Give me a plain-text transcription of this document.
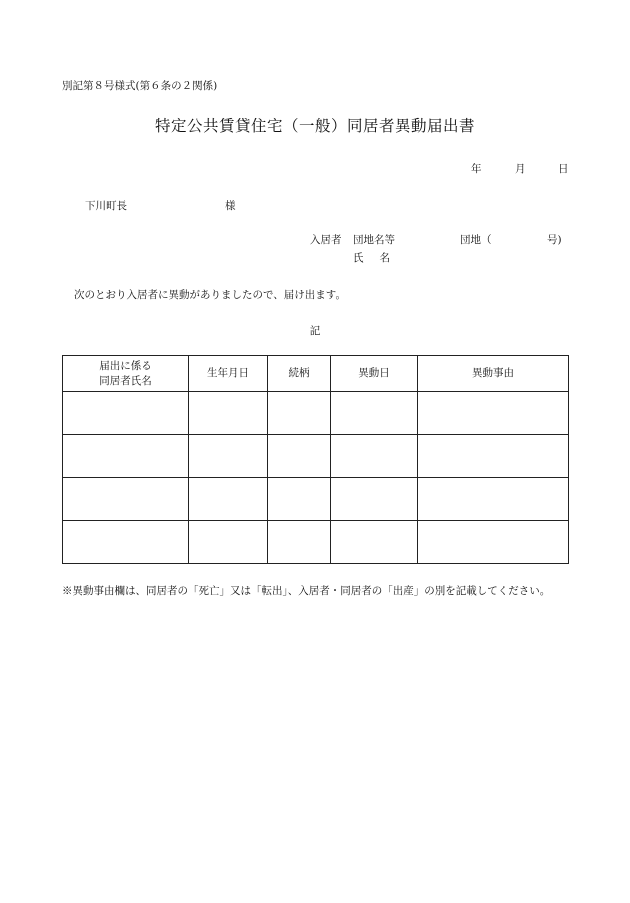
別記第８号様式(第６条の２関係)
特定公共賃貸住宅（一般）同居者異動届出書
年	月	日
下川町長	様
入居者 団地名等	団地（	号)
氏名
次のとおり入居者に異動がありましたので、届け出ます。
記
届出に係る
同居者氏名	生年月日	続柄	異動日	異動事由

※異動事由欄は、同居者の「死亡」又は「転出」、入居者・同居者の「出産」の別を記載してください。
